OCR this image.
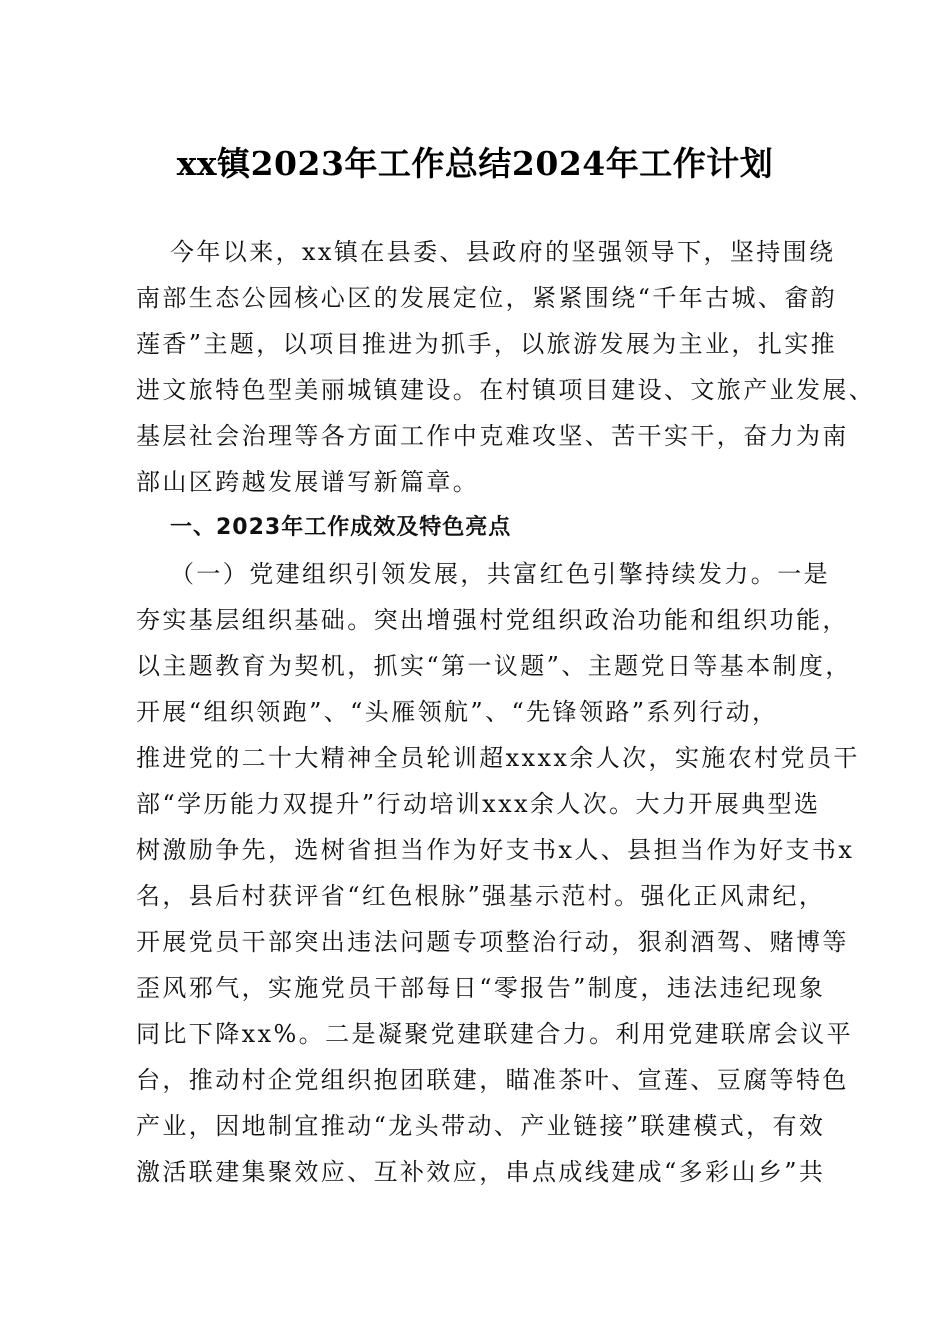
xx镇2023年工作总结2024年工作计划
今年以来，xx镇在县委、县政府的坚强领导下，坚持围绕
南部生态公园核心区的发展定位，紧紧围绕“千年古城、畲韵
莲香”主题，以项目推进为抓手，以旅游发展为主业，扎实推
进文旅特色型美丽城镇建设。在村镇项目建设、文旅产业发展、
基层社会治理等各方面工作中克难攻坚、苦干实干，奋力为南
部山区跨越发展谱写新篇章。
一、2023年工作成效及特色亮点
（一）党建组织引领发展，共富红色引擎持续发力。一是
夯实基层组织基础。突出增强村党组织政治功能和组织功能，
以主题教育为契机，抓实“第一议题”、主题党日等基本制度，
开展“组织领跑”、“头雁领航”、“先锋领路”系列行动，
推进党的二十大精神全员轮训超xxxx余人次，实施农村党员干
部“学历能力双提升”行动培训xxx余人次。大力开展典型选
树激励争先，选树省担当作为好支书x人、县担当作为好支书x
名，县后村获评省“红色根脉”强基示范村。强化正风肃纪，
开展党员干部突出违法问题专项整治行动，狠刹酒驾、赌博等
歪风邪气，实施党员干部每日“零报告”制度，违法违纪现象
同比下降xx%。二是凝聚党建联建合力。利用党建联席会议平
台，推动村企党组织抱团联建，瞄准茶叶、宣莲、豆腐等特色
产业，因地制宜推动“龙头带动、产业链接”联建模式，有效
激活联建集聚效应、互补效应，串点成线建成“多彩山乡”共
